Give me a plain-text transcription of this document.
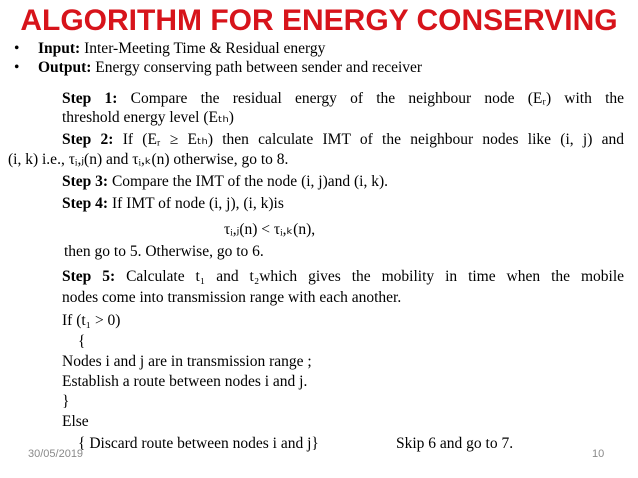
ALGORITHM FOR ENERGY CONSERVING
• Input: Inter-Meeting Time & Residual energy
• Output: Energy conserving path between sender and receiver
Step 1: Compare the residual energy of the neighbour node (Eᵣ) with the
threshold energy level (Eₜₕ)
Step 2: If (Eᵣ ≥ Eₜₕ) then calculate IMT of the neighbour nodes like (i, j) and
(i, k) i.e., τᵢ,ⱼ(n) and τᵢ,ₖ(n) otherwise, go to 8.
Step 3: Compare the IMT of the node (i, j)and (i, k).
Step 4: If IMT of node (i, j), (i, k)is
τᵢ,ⱼ(n) < τᵢ,ₖ(n),
then go to 5. Otherwise, go to 6.
Step 5: Calculate t₁ and t₂which gives the mobility in time when the mobile
nodes come into transmission range with each another.
If (t₁ > 0)
{
Nodes i and j are in transmission range ;
Establish a route between nodes i and j.
}
Else
{ Discard route between nodes i and j}	Skip 6 and go to 7.
30/05/2019	10
